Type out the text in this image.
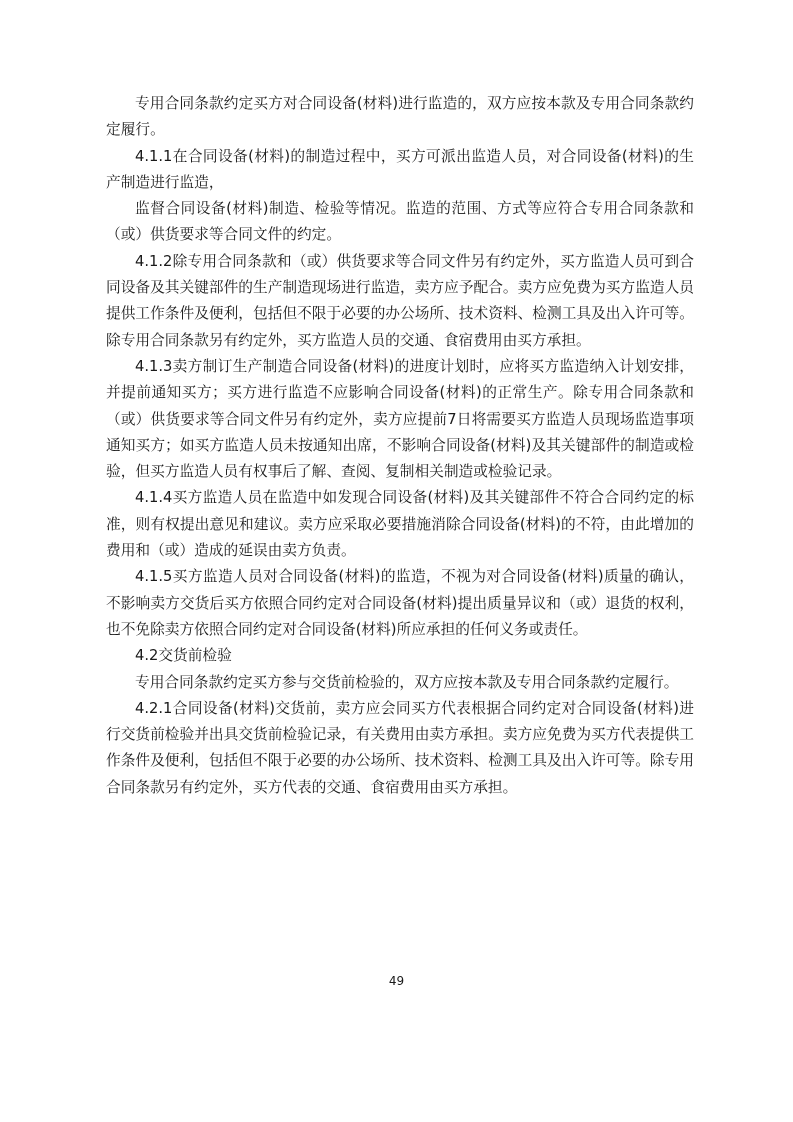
专用合同条款约定买方对合同设备(材料)进行监造的，双方应按本款及专用合同条款约定履行。

4.1.1在合同设备(材料)的制造过程中，买方可派出监造人员，对合同设备(材料)的生产制造进行监造，

监督合同设备(材料)制造、检验等情况。监造的范围、方式等应符合专用合同条款和（或）供货要求等合同文件的约定。

4.1.2除专用合同条款和（或）供货要求等合同文件另有约定外，买方监造人员可到合同设备及其关键部件的生产制造现场进行监造，卖方应予配合。卖方应免费为买方监造人员提供工作条件及便利，包括但不限于必要的办公场所、技术资料、检测工具及出入许可等。除专用合同条款另有约定外，买方监造人员的交通、食宿费用由买方承担。

4.1.3卖方制订生产制造合同设备(材料)的进度计划时，应将买方监造纳入计划安排，并提前通知买方；买方进行监造不应影响合同设备(材料)的正常生产。除专用合同条款和（或）供货要求等合同文件另有约定外，卖方应提前7日将需要买方监造人员现场监造事项通知买方；如买方监造人员未按通知出席，不影响合同设备(材料)及其关键部件的制造或检验，但买方监造人员有权事后了解、查阅、复制相关制造或检验记录。

4.1.4买方监造人员在监造中如发现合同设备(材料)及其关键部件不符合合同约定的标准，则有权提出意见和建议。卖方应采取必要措施消除合同设备(材料)的不符，由此增加的费用和（或）造成的延误由卖方负责。

4.1.5买方监造人员对合同设备(材料)的监造，不视为对合同设备(材料)质量的确认，不影响卖方交货后买方依照合同约定对合同设备(材料)提出质量异议和（或）退货的权利，也不免除卖方依照合同约定对合同设备(材料)所应承担的任何义务或责任。

4.2交货前检验

专用合同条款约定买方参与交货前检验的，双方应按本款及专用合同条款约定履行。

4.2.1合同设备(材料)交货前，卖方应会同买方代表根据合同约定对合同设备(材料)进行交货前检验并出具交货前检验记录，有关费用由卖方承担。卖方应免费为买方代表提供工作条件及便利，包括但不限于必要的办公场所、技术资料、检测工具及出入许可等。除专用合同条款另有约定外，买方代表的交通、食宿费用由买方承担。

49
